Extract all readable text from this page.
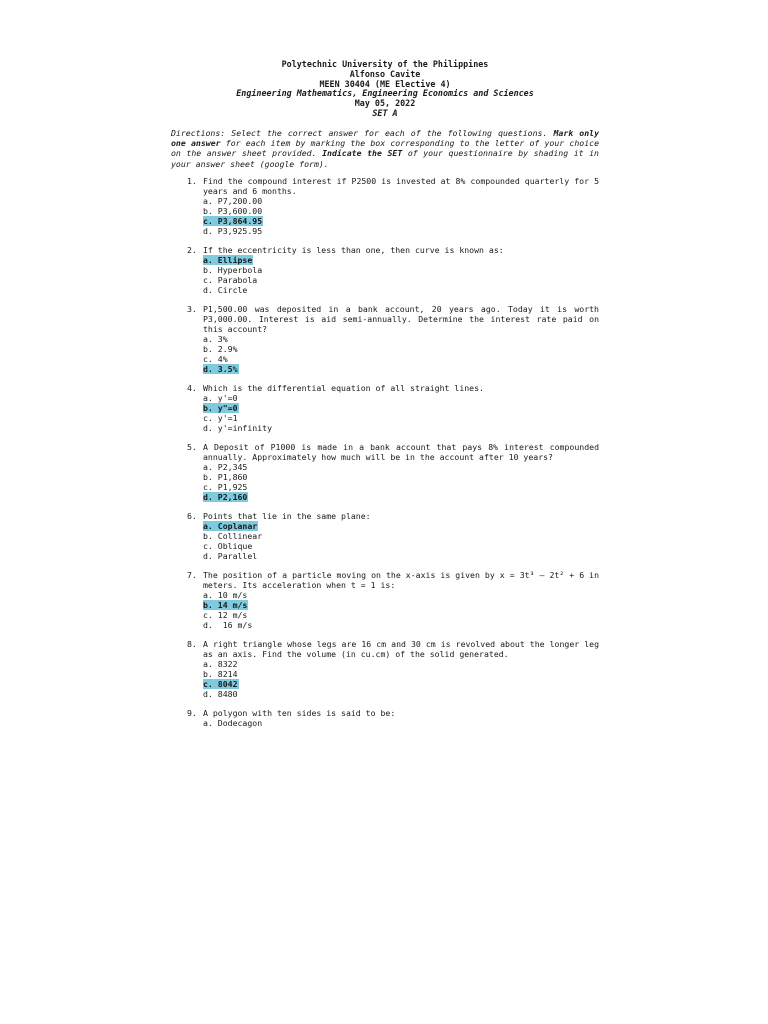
Polytechnic University of the Philippines
Alfonso Cavite
MEEN 30404 (ME Elective 4)
Engineering Mathematics, Engineering Economics and Sciences
May 05, 2022
SET A
Directions: Select the correct answer for each of the following questions. Mark only one answer for each item by marking the box corresponding to the letter of your choice on the answer sheet provided. Indicate the SET of your questionnaire by shading it in your answer sheet (google form).
1. Find the compound interest if P2500 is invested at 8% compounded quarterly for 5 years and 6 months.
a. P7,200.00
b. P3,600.00
c. P3,864.95
d. P3,925.95
2. If the eccentricity is less than one, then curve is known as:
a. Ellipse
b. Hyperbola
c. Parabola
d. Circle
3. P1,500.00 was deposited in a bank account, 20 years ago. Today it is worth P3,000.00. Interest is aid semi-annually. Determine the interest rate paid on this account?
a. 3%
b. 2.9%
c. 4%
d. 3.5%
4. Which is the differential equation of all straight lines.
a. y'=0
b. y"=0
c. y'=1
d. y'=infinity
5. A Deposit of P1000 is made in a bank account that pays 8% interest compounded annually. Approximately how much will be in the account after 10 years?
a. P2,345
b. P1,860
c. P1,925
d. P2,160
6. Points that lie in the same plane:
a. Coplanar
b. Collinear
c. Oblique
d. Parallel
7. The position of a particle moving on the x-axis is given by x = 3t³ – 2t² + 6 in meters. Its acceleration when t = 1 is:
a. 10 m/s
b. 14 m/s
c. 12 m/s
d.  16 m/s
8. A right triangle whose legs are 16 cm and 30 cm is revolved about the longer leg as an axis. Find the volume (in cu.cm) of the solid generated.
a. 8322
b. 8214
c. 8042
d. 8480
9. A polygon with ten sides is said to be:
a. Dodecagon
